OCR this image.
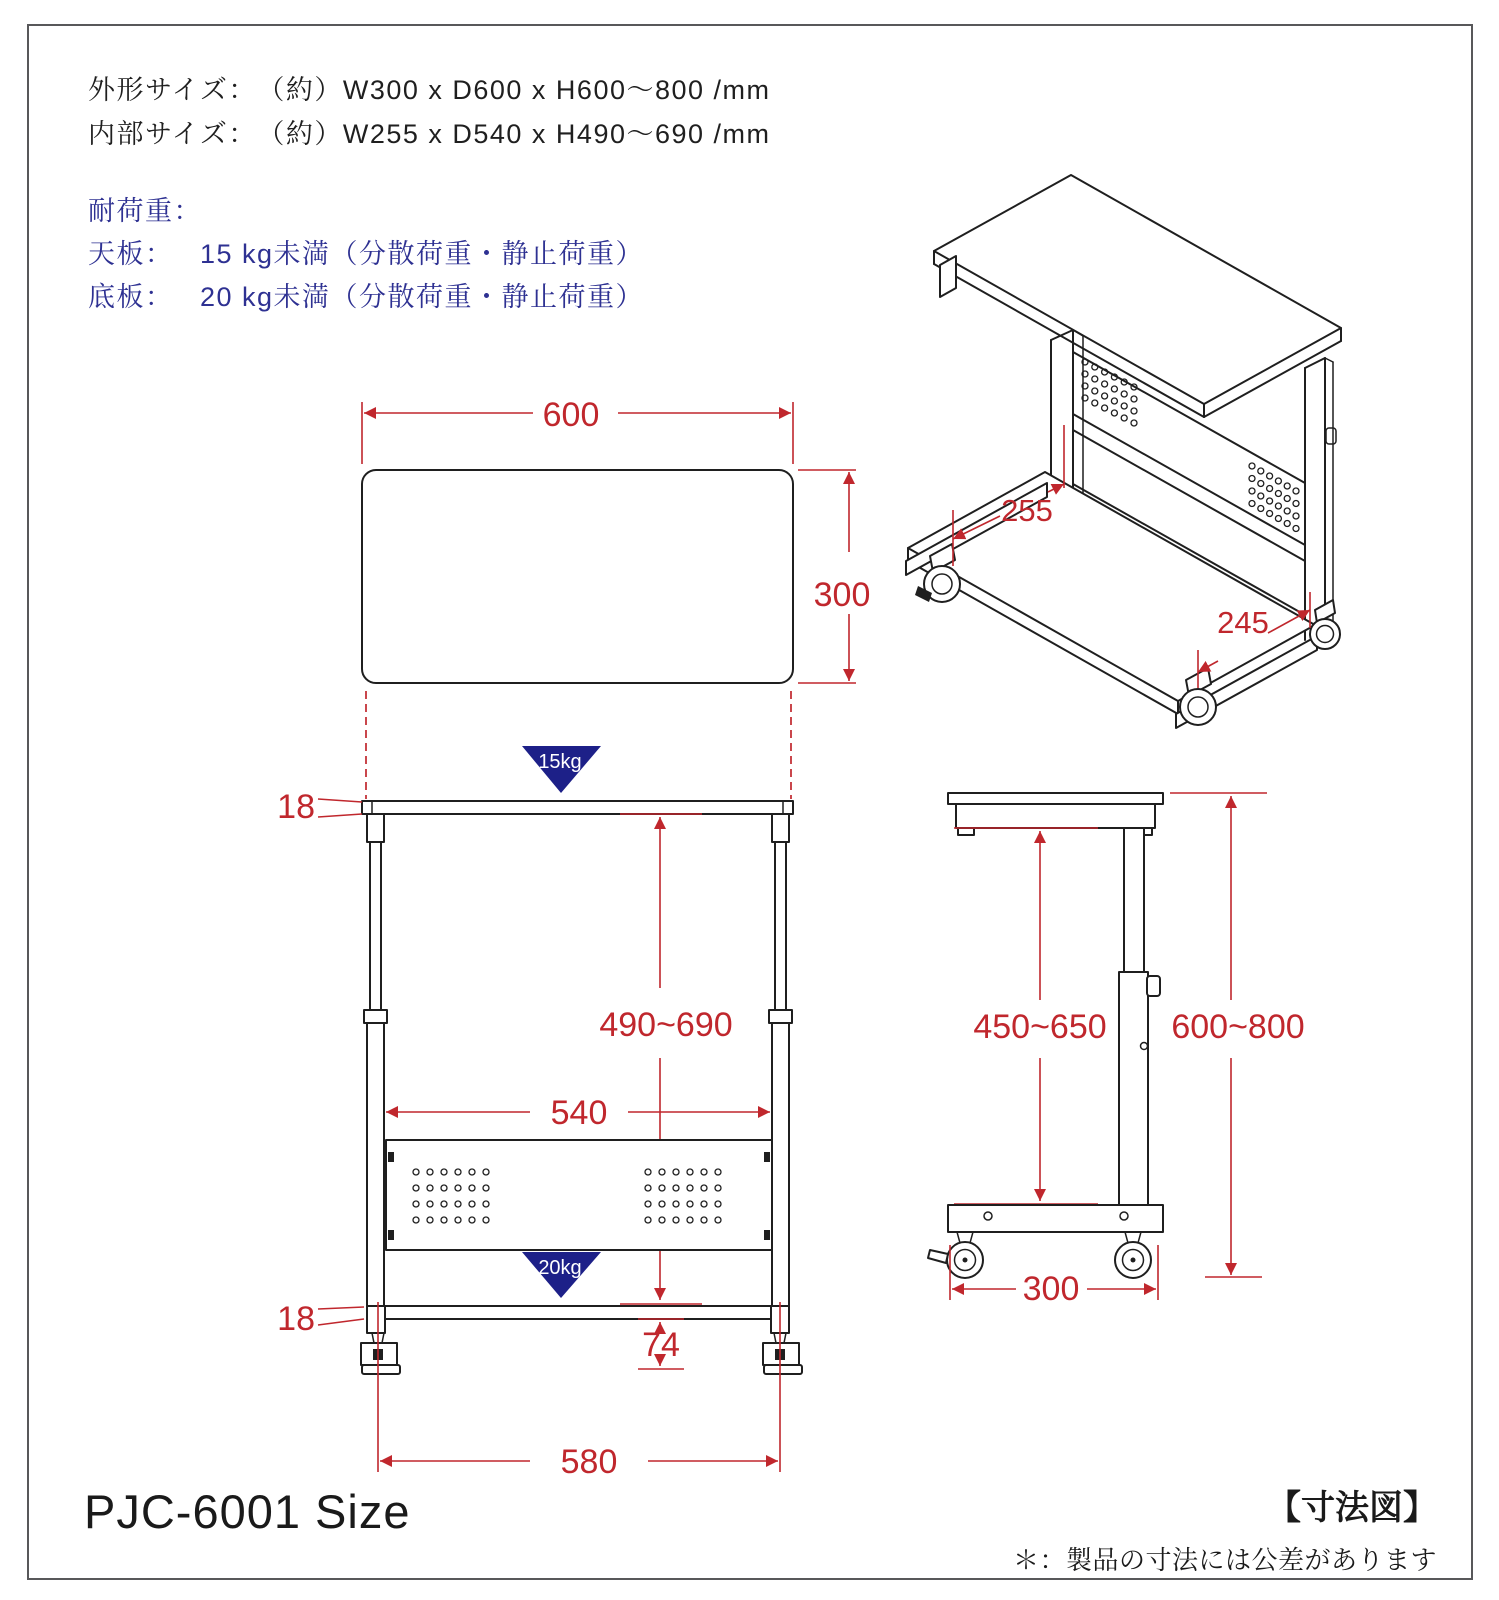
外形サイズ： （約）W300 x D600 x H600～800 /mm
内部サイズ： （約）W255 x D540 x H490～690 /mm
耐荷重：
天板： 15 kg未満（分散荷重・静止荷重）
底板： 20 kg未満（分散荷重・静止荷重）
600
300
255
245
15kg
18
490~690
540
20kg
18
74
580
450~650 600~800
300
PJC-6001 Size	【寸法図】
＊：製品の寸法には公差があります
